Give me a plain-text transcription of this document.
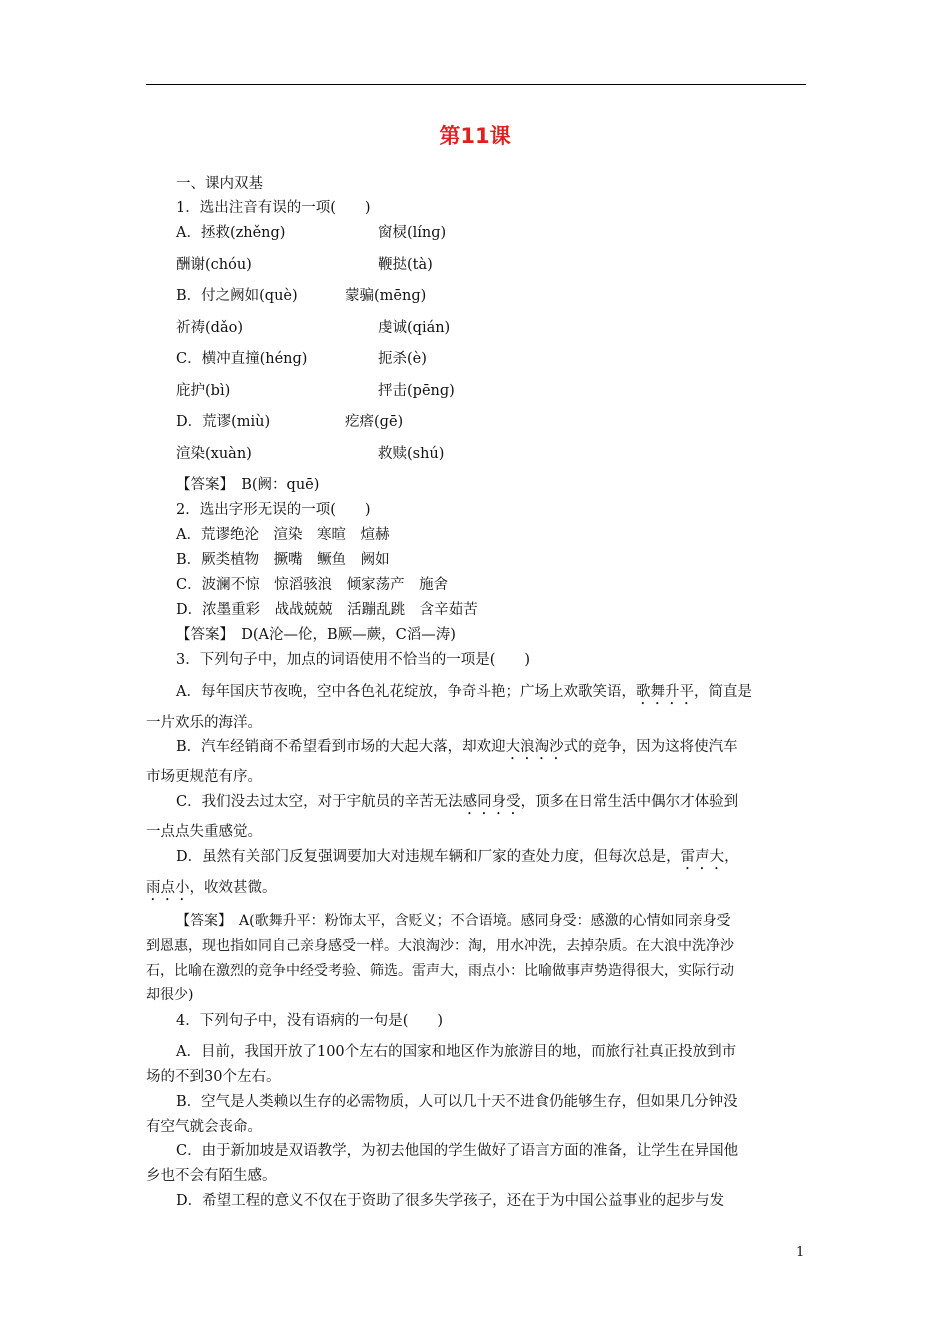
第11课
一、课内双基
1．选出注音有误的一项(　　)
A．拯救(zhěng)	窗棂(línɡ)
酬谢(chóu)	鞭挞(tà)
B．付之阙如(què)	蒙骗(mēnɡ)
祈祷(dǎo)	虔诚(qián)
C．横冲直撞(hénɡ)	扼杀(è)
庇护(bì)	抨击(pēnɡ)
D．荒谬(miù)	疙瘩(ɡē)
渲染(xuàn)	救赎(shú)
【答案】　B(阙：quē)
2．选出字形无误的一项(　　)
A．荒谬绝沦　渲染　寒暄　煊赫
B．厥类植物　撅嘴　鳜鱼　阙如
C．波澜不惊　惊滔骇浪　倾家荡产　施舍
D．浓墨重彩　战战兢兢　活蹦乱跳　含辛茹苦
【答案】　D(A沦—伦，B厥—蕨，C滔—涛)
3．下列句子中，加点的词语使用不恰当的一项是(　　)
A．每年国庆节夜晚，空中各色礼花绽放，争奇斗艳；广场上欢歌笑语，歌舞升平，简直是
一片欢乐的海洋。
B．汽车经销商不希望看到市场的大起大落，却欢迎大浪淘沙式的竞争，因为这将使汽车
市场更规范有序。
C．我们没去过太空，对于宇航员的辛苦无法感同身受，顶多在日常生活中偶尔才体验到
一点点失重感觉。
D．虽然有关部门反复强调要加大对违规车辆和厂家的查处力度，但每次总是，雷声大，
雨点小，收效甚微。
【答案】　A(歌舞升平：粉饰太平，含贬义；不合语境。感同身受：感激的心情如同亲身受
到恩惠，现也指如同自己亲身感受一样。大浪淘沙：淘，用水冲洗，去掉杂质。在大浪中洗净沙
石，比喻在激烈的竞争中经受考验、筛选。雷声大，雨点小：比喻做事声势造得很大，实际行动
却很少)
4．下列句子中，没有语病的一句是(　　)
A．目前，我国开放了100个左右的国家和地区作为旅游目的地，而旅行社真正投放到市
场的不到30个左右。
B．空气是人类赖以生存的必需物质，人可以几十天不进食仍能够生存，但如果几分钟没
有空气就会丧命。
C．由于新加坡是双语教学，为初去他国的学生做好了语言方面的准备，让学生在异国他
乡也不会有陌生感。
D．希望工程的意义不仅在于资助了很多失学孩子，还在于为中国公益事业的起步与发
1
